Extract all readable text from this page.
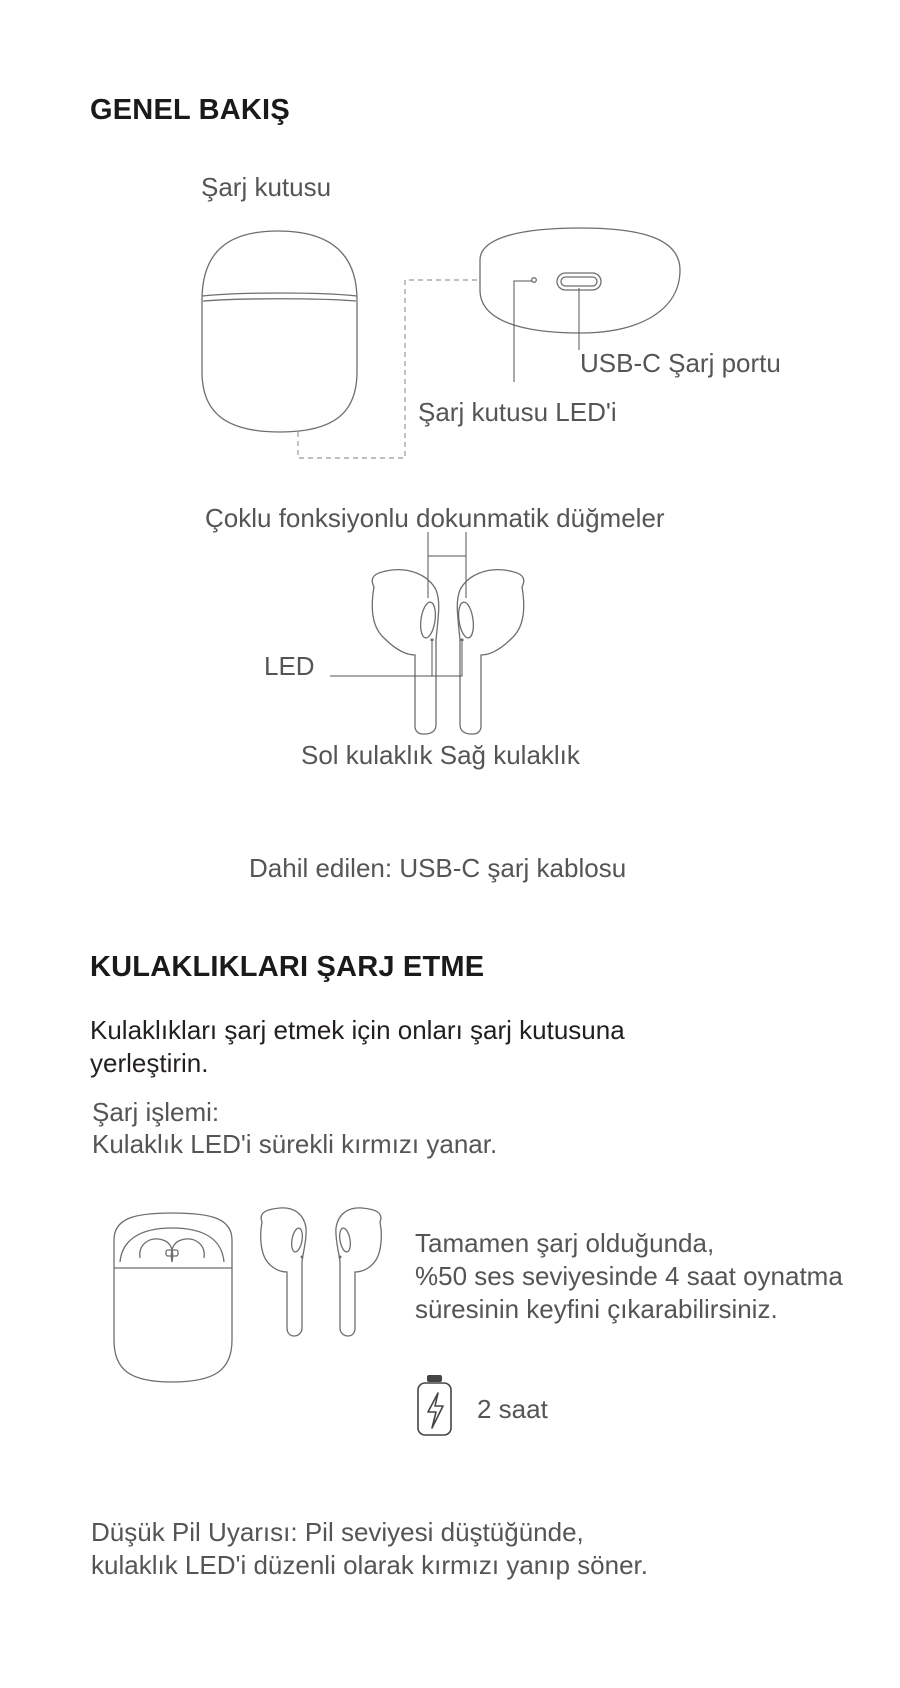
GENEL BAKIŞ
Şarj kutusu
USB-C Şarj portu
Şarj kutusu LED'i
Çoklu fonksiyonlu dokunmatik düğmeler
LED
Sol kulaklık Sağ kulaklık
Dahil edilen: USB-C şarj kablosu
KULAKLIKLARI ŞARJ ETME
Kulaklıkları şarj etmek için onları şarj kutusuna
yerleştirin.
Şarj işlemi:
Kulaklık LED'i sürekli kırmızı yanar.
Tamamen şarj olduğunda,
%50 ses seviyesinde 4 saat oynatma
süresinin keyfini çıkarabilirsiniz.
2 saat
Düşük Pil Uyarısı: Pil seviyesi düştüğünde,
kulaklık LED'i düzenli olarak kırmızı yanıp söner.
